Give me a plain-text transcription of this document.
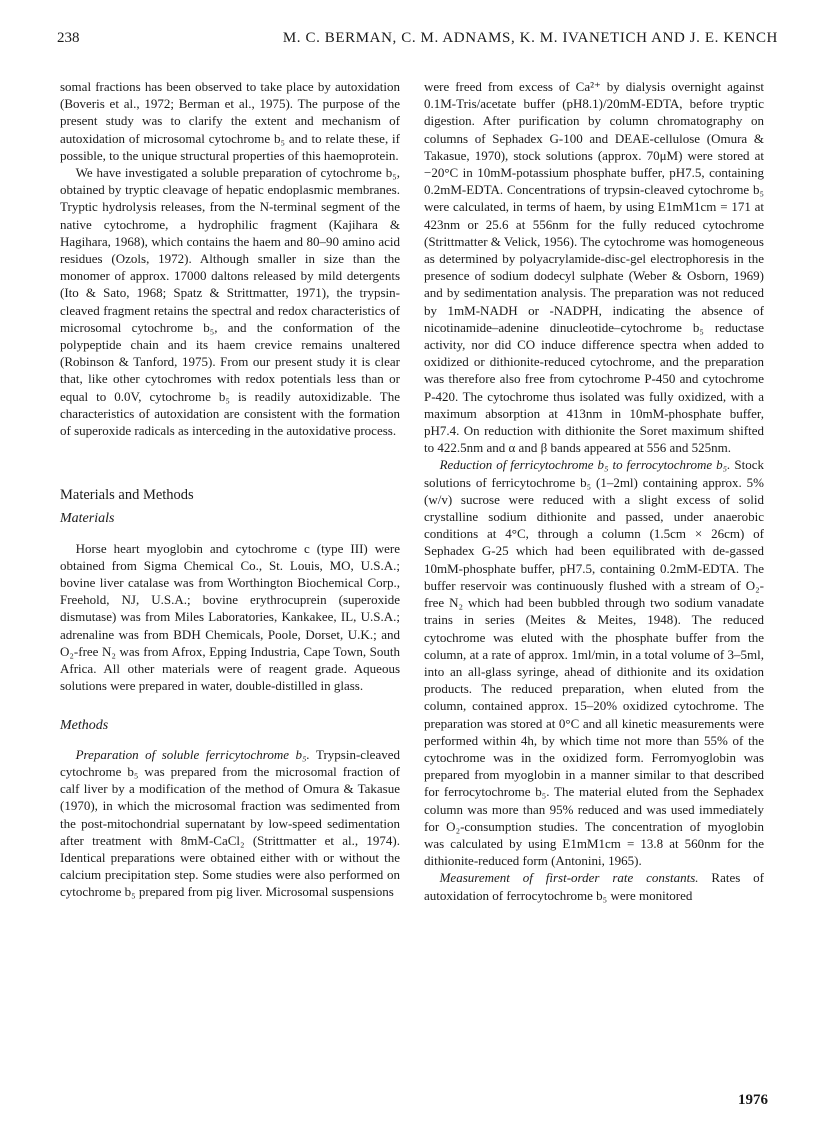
238	M. C. BERMAN, C. M. ADNAMS, K. M. IVANETICH AND J. E. KENCH

somal fractions has been observed to take place by autoxidation (Boveris et al., 1972; Berman et al., 1975). The purpose of the present study was to clarify the extent and mechanism of autoxidation of microsomal cytochrome b₅ and to relate these, if possible, to the unique structural properties of this haemoprotein.

We have investigated a soluble preparation of cytochrome b₅, obtained by tryptic cleavage of hepatic endoplasmic membranes. Tryptic hydrolysis releases, from the N-terminal segment of the native cytochrome, a hydrophilic fragment (Kajihara & Hagihara, 1968), which contains the haem and 80–90 amino acid residues (Ozols, 1972). Although smaller in size than the monomer of approx. 17000 daltons released by mild detergents (Ito & Sato, 1968; Spatz & Strittmatter, 1971), the trypsin-cleaved fragment retains the spectral and redox characteristics of microsomal cytochrome b₅, and the conformation of the polypeptide chain and its haem crevice remains unaltered (Robinson & Tanford, 1975). From our present study it is clear that, like other cytochromes with redox potentials less than or equal to 0.0V, cytochrome b₅ is readily autoxidizable. The characteristics of autoxidation are consistent with the formation of superoxide radicals as interceding in the autoxidative process.

Materials and Methods
Materials

Horse heart myoglobin and cytochrome c (type III) were obtained from Sigma Chemical Co., St. Louis, MO, U.S.A.; bovine liver catalase was from Worthington Biochemical Corp., Freehold, NJ, U.S.A.; bovine erythrocuprein (superoxide dismutase) was from Miles Laboratories, Kankakee, IL, U.S.A.; adrenaline was from BDH Chemicals, Poole, Dorset, U.K.; and O₂-free N₂ was from Afrox, Epping Industria, Cape Town, South Africa. All other materials were of reagent grade. Aqueous solutions were prepared in water, double-distilled in glass.

Methods

Preparation of soluble ferricytochrome b₅. Trypsin-cleaved cytochrome b₅ was prepared from the microsomal fraction of calf liver by a modification of the method of Omura & Takasue (1970), in which the microsomal fraction was sedimented from the post-mitochondrial supernatant by low-speed sedimentation after treatment with 8mM-CaCl₂ (Strittmatter et al., 1974). Identical preparations were obtained either with or without the calcium precipitation step. Some studies were also performed on cytochrome b₅ prepared from pig liver. Microsomal suspensions

were freed from excess of Ca²⁺ by dialysis overnight against 0.1M-Tris/acetate buffer (pH8.1)/20mM-EDTA, before tryptic digestion. After purification by column chromatography on columns of Sephadex G-100 and DEAE-cellulose (Omura & Takasue, 1970), stock solutions (approx. 70μM) were stored at −20°C in 10mM-potassium phosphate buffer, pH7.5, containing 0.2mM-EDTA. Concentrations of trypsin-cleaved cytochrome b₅ were calculated, in terms of haem, by using E1mM1cm = 171 at 423nm or 25.6 at 556nm for the fully reduced cytochrome (Strittmatter & Velick, 1956). The cytochrome was homogeneous as determined by polyacrylamide-disc-gel electrophoresis in the presence of sodium dodecyl sulphate (Weber & Osborn, 1969) and by sedimentation analysis. The preparation was not reduced by 1mM-NADH or -NADPH, indicating the absence of nicotinamide–adenine dinucleotide–cytochrome b₅ reductase activity, nor did CO induce difference spectra when added to oxidized or dithionite-reduced cytochrome, and the preparation was therefore also free from cytochrome P-450 and cytochrome P-420. The cytochrome thus isolated was fully oxidized, with a maximum absorption at 413nm in 10mM-phosphate buffer, pH7.4. On reduction with dithionite the Soret maximum shifted to 422.5nm and α and β bands appeared at 556 and 525nm.

Reduction of ferricytochrome b₅ to ferrocytochrome b₅. Stock solutions of ferricytochrome b₅ (1–2ml) containing approx. 5% (w/v) sucrose were reduced with a slight excess of solid crystalline sodium dithionite and passed, under anaerobic conditions at 4°C, through a column (1.5cm × 26cm) of Sephadex G-25 which had been equilibrated with de-gassed 10mM-phosphate buffer, pH7.5, containing 0.2mM-EDTA. The buffer reservoir was continuously flushed with a stream of O₂-free N₂ which had been bubbled through two sodium vanadate trains in series (Meites & Meites, 1948). The reduced cytochrome was eluted with the phosphate buffer from the column, at a rate of approx. 1ml/min, in a total volume of 3–5ml, into an all-glass syringe, ahead of dithionite and its oxidation products. The reduced preparation, when eluted from the column, contained approx. 15–20% oxidized cytochrome. The preparation was stored at 0°C and all kinetic measurements were performed within 4h, by which time not more than 55% of the cytochrome was in the oxidized form. Ferromyoglobin was prepared from myoglobin in a manner similar to that described for ferrocytochrome b₅. The material eluted from the Sephadex column was more than 95% reduced and was used immediately for O₂-consumption studies. The concentration of myoglobin was calculated by using E1mM1cm = 13.8 at 560nm for the dithionite-reduced form (Antonini, 1965).

Measurement of first-order rate constants. Rates of autoxidation of ferrocytochrome b₅ were monitored

1976
